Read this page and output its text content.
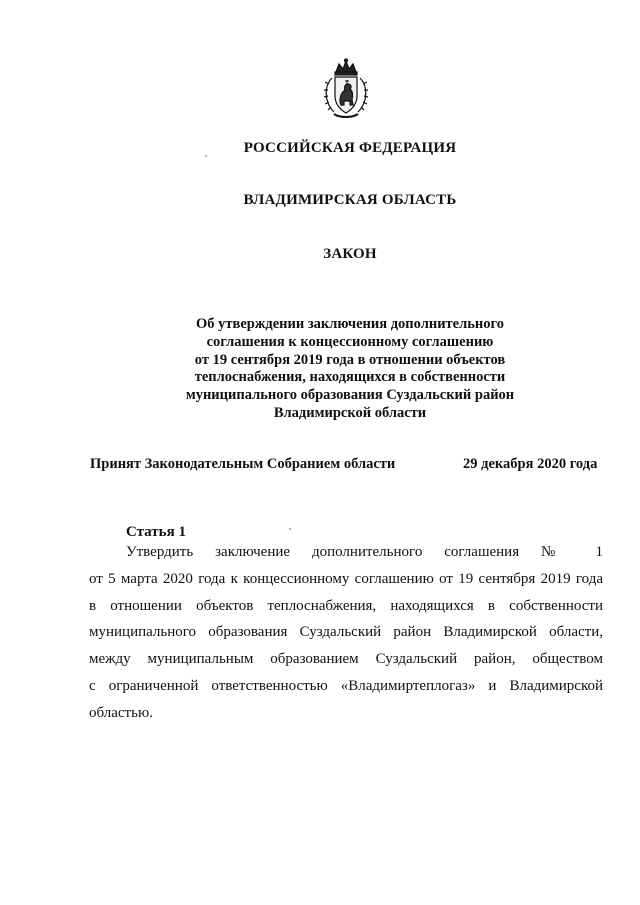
РОССИЙСКАЯ ФЕДЕРАЦИЯ
ВЛАДИМИРСКАЯ ОБЛАСТЬ
ЗАКОН
Об утверждении заключения дополнительного
соглашения к концессионному соглашению
от 19 сентября 2019 года в отношении объектов
теплоснабжения, находящихся в собственности
муниципального образования Суздальский район
Владимирской области
Принят Законодательным Собранием области	29 декабря 2020 года
Статья 1
Утвердить заключение дополнительного соглашения № 1
от 5 марта 2020 года к концессионному соглашению от 19 сентября 2019 года
в отношении объектов теплоснабжения, находящихся в собственности
муниципального образования Суздальский район Владимирской области,
между муниципальным образованием Суздальский район, обществом
с ограниченной ответственностью «Владимиртеплогаз» и Владимирской
областью.
